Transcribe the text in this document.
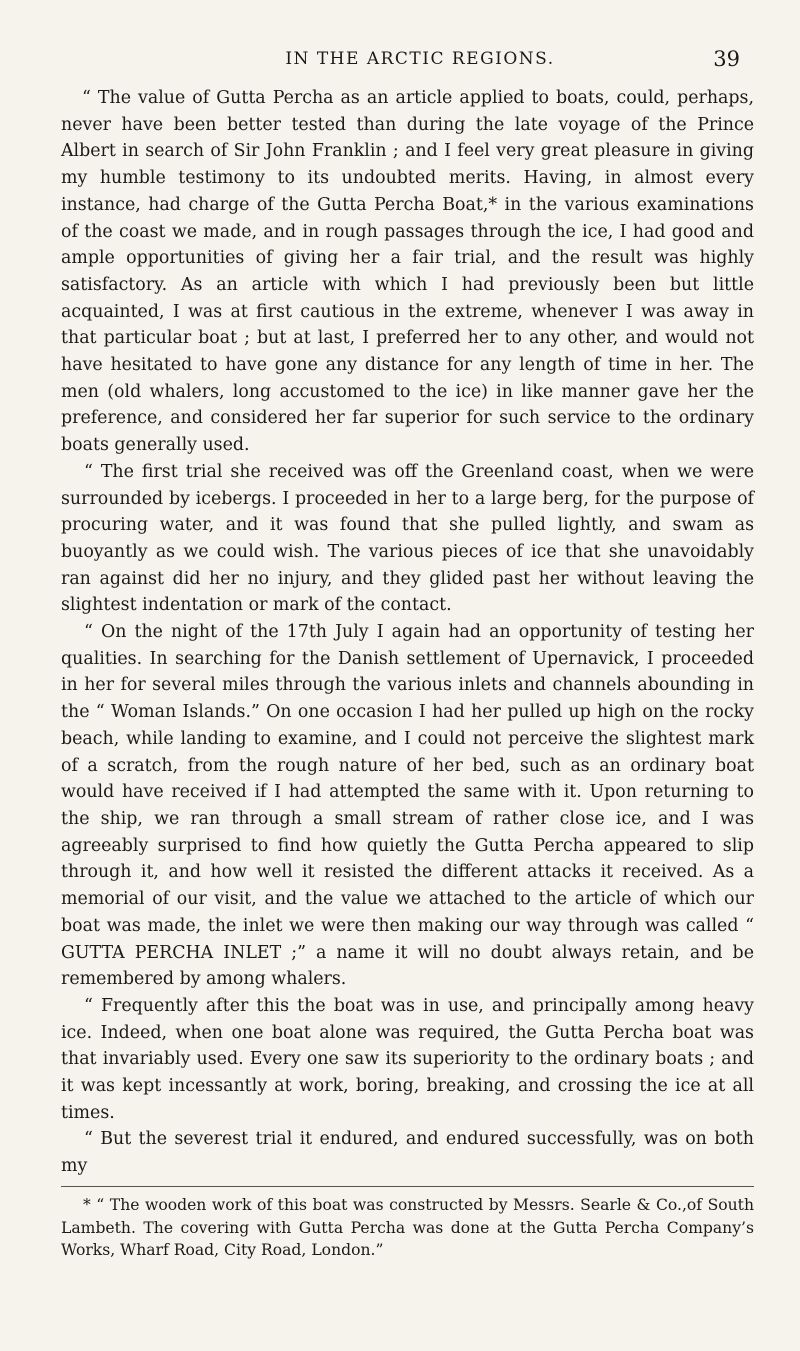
IN THE ARCTIC REGIONS.	39

“ The value of Gutta Percha as an article applied to boats, could, perhaps, never have been better tested than during the late voyage of the Prince Albert in search of Sir John Franklin ; and I feel very great pleasure in giving my humble testimony to its undoubted merits. Having, in almost every instance, had charge of the Gutta Percha Boat,* in the various examinations of the coast we made, and in rough passages through the ice, I had good and ample opportunities of giving her a fair trial, and the result was highly satisfactory. As an article with which I had previously been but little acquainted, I was at first cautious in the extreme, whenever I was away in that particular boat ; but at last, I preferred her to any other, and would not have hesitated to have gone any distance for any length of time in her. The men (old whalers, long accustomed to the ice) in like manner gave her the preference, and considered her far superior for such service to the ordinary boats generally used.

“ The first trial she received was off the Greenland coast, when we were surrounded by icebergs. I proceeded in her to a large berg, for the purpose of procuring water, and it was found that she pulled lightly, and swam as buoyantly as we could wish. The various pieces of ice that she unavoidably ran against did her no injury, and they glided past her without leaving the slightest indentation or mark of the contact.

“ On the night of the 17th July I again had an opportunity of testing her qualities. In searching for the Danish settlement of Upernavick, I proceeded in her for several miles through the various inlets and channels abounding in the “ Woman Islands.” On one occasion I had her pulled up high on the rocky beach, while landing to examine, and I could not perceive the slightest mark of a scratch, from the rough nature of her bed, such as an ordinary boat would have received if I had attempted the same with it. Upon returning to the ship, we ran through a small stream of rather close ice, and I was agreeably surprised to find how quietly the Gutta Percha appeared to slip through it, and how well it resisted the different attacks it received. As a memorial of our visit, and the value we attached to the article of which our boat was made, the inlet we were then making our way through was called “ GUTTA PERCHA INLET ;” a name it will no doubt always retain, and be remembered by among whalers.

“ Frequently after this the boat was in use, and principally among heavy ice. Indeed, when one boat alone was required, the Gutta Percha boat was that invariably used. Every one saw its superiority to the ordinary boats ; and it was kept incessantly at work, boring, breaking, and crossing the ice at all times.

“ But the severest trial it endured, and endured successfully, was on both my

* “ The wooden work of this boat was constructed by Messrs. Searle & Co.,of South Lambeth. The covering with Gutta Percha was done at the Gutta Percha Company’s Works, Wharf Road, City Road, London.”
